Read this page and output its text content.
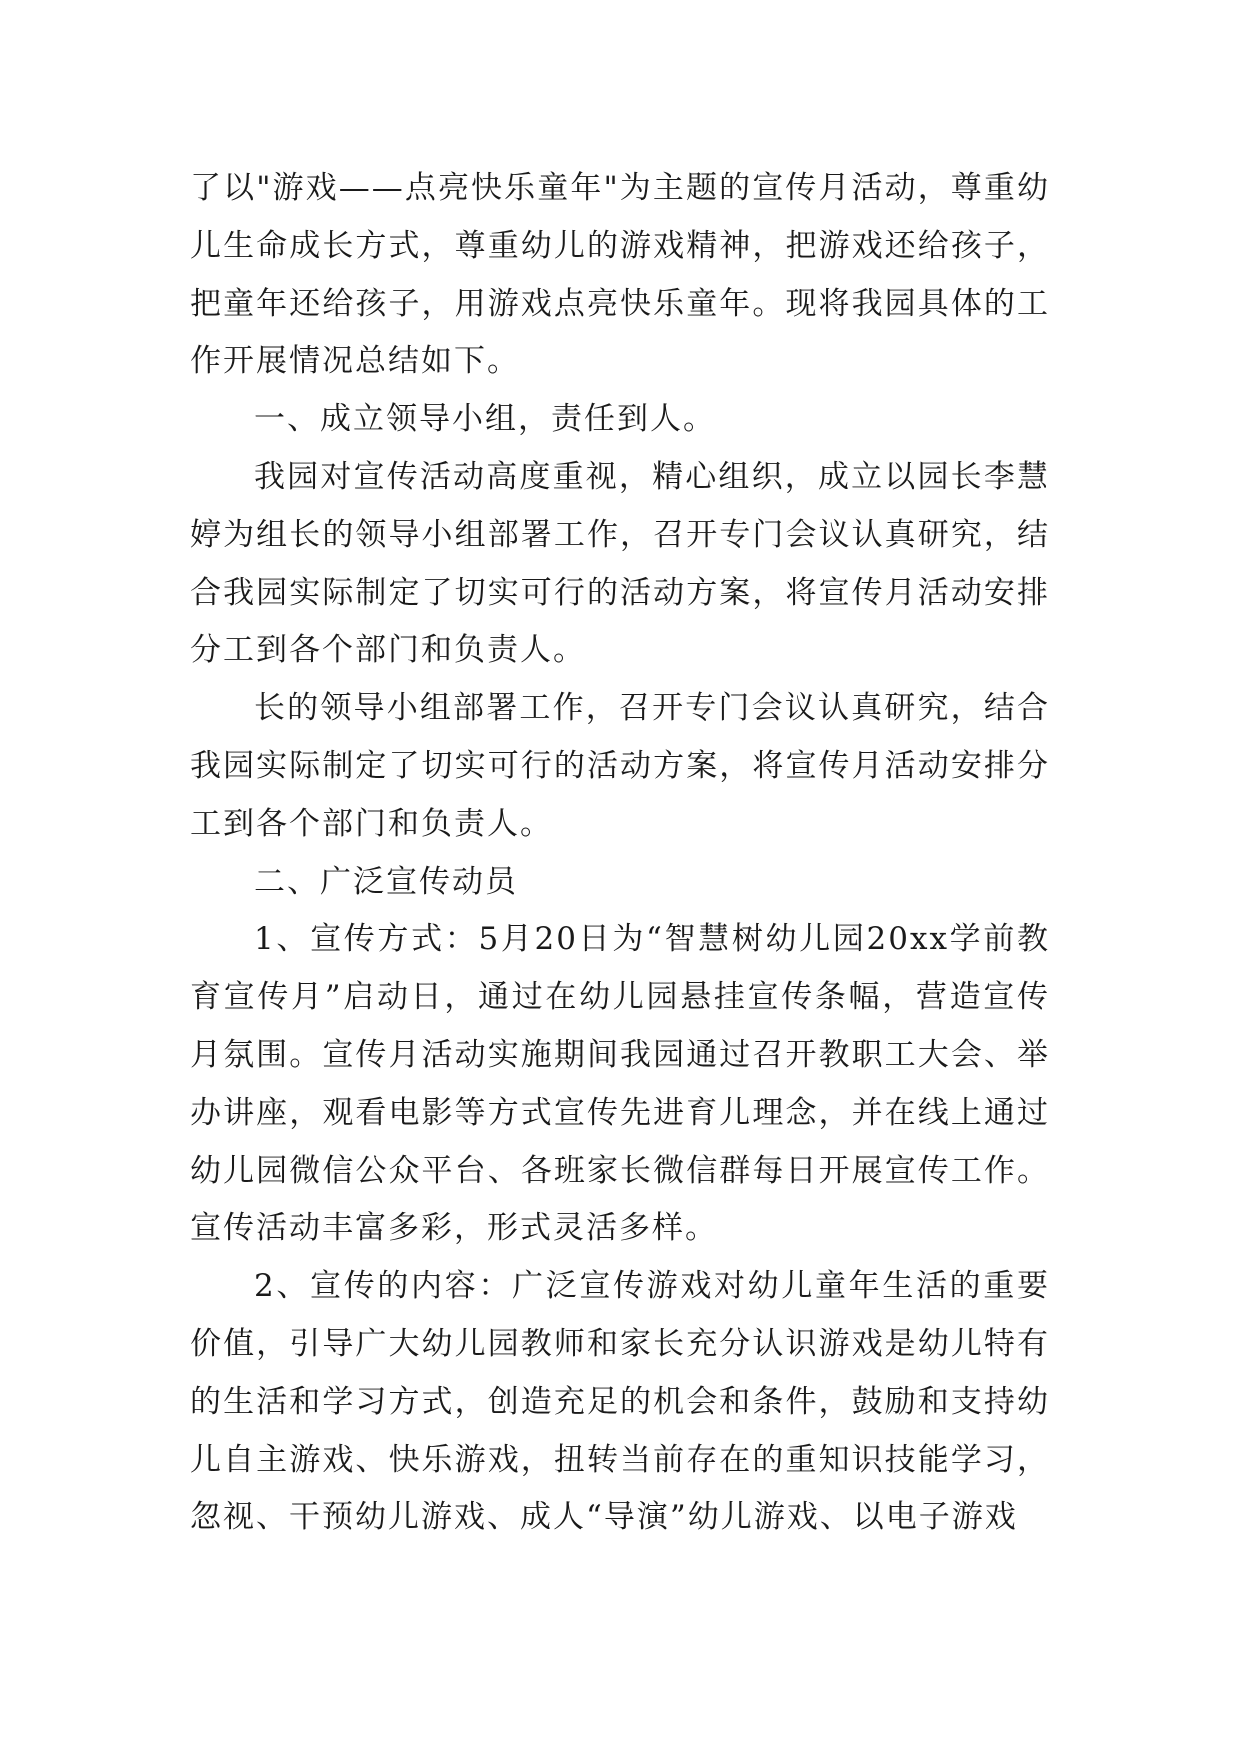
了以"游戏——点亮快乐童年"为主题的宣传月活动，尊重幼儿生命成长方式，尊重幼儿的游戏精神，把游戏还给孩子，把童年还给孩子，用游戏点亮快乐童年。现将我园具体的工作开展情况总结如下。

一、成立领导小组，责任到人。

我园对宣传活动高度重视，精心组织，成立以园长李慧婷为组长的领导小组部署工作，召开专门会议认真研究，结合我园实际制定了切实可行的活动方案，将宣传月活动安排分工到各个部门和负责人。

长的领导小组部署工作，召开专门会议认真研究，结合我园实际制定了切实可行的活动方案，将宣传月活动安排分工到各个部门和负责人。

二、广泛宣传动员

1、宣传方式：5月20日为“智慧树幼儿园20xx学前教育宣传月”启动日，通过在幼儿园悬挂宣传条幅，营造宣传月氛围。宣传月活动实施期间我园通过召开教职工大会、举办讲座，观看电影等方式宣传先进育儿理念，并在线上通过幼儿园微信公众平台、各班家长微信群每日开展宣传工作。宣传活动丰富多彩，形式灵活多样。

2、宣传的内容：广泛宣传游戏对幼儿童年生活的重要价值，引导广大幼儿园教师和家长充分认识游戏是幼儿特有的生活和学习方式，创造充足的机会和条件，鼓励和支持幼儿自主游戏、快乐游戏，扭转当前存在的重知识技能学习，忽视、干预幼儿游戏、成人“导演”幼儿游戏、以电子游戏
